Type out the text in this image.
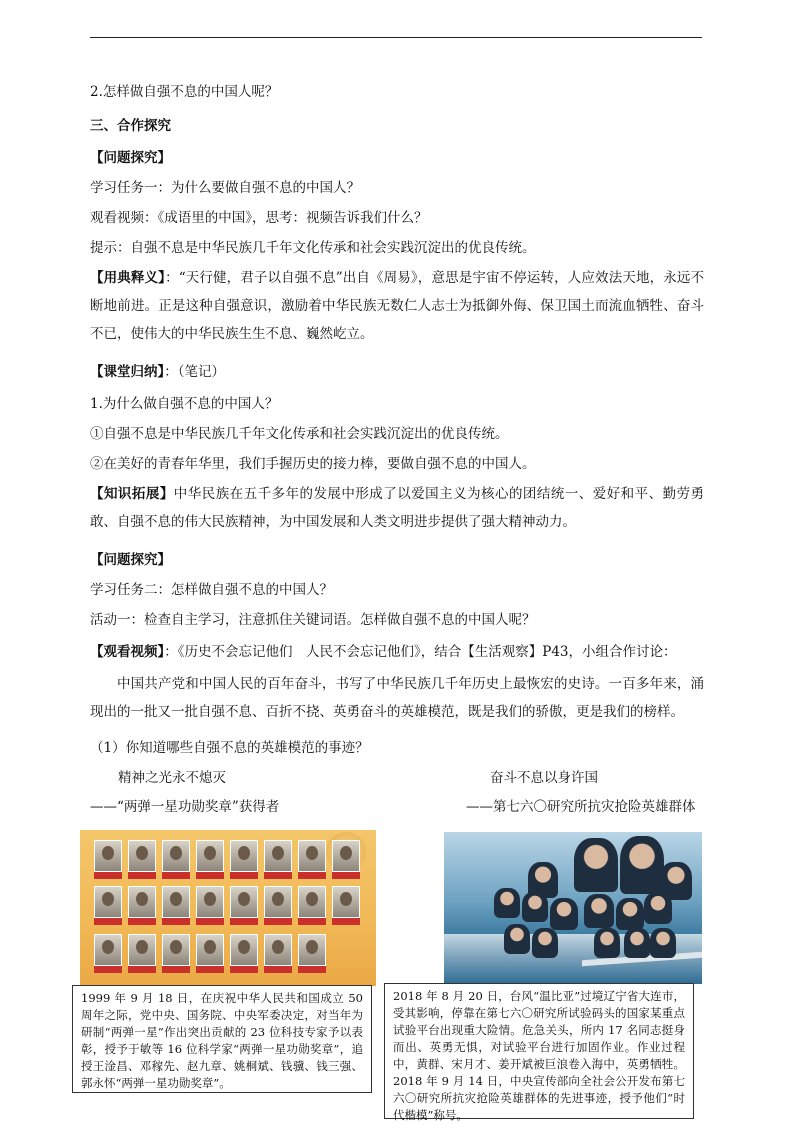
2.怎样做自强不息的中国人呢？
三、合作探究
【问题探究】
学习任务一：为什么要做自强不息的中国人？
观看视频：《成语里的中国》，思考：视频告诉我们什么？
提示：自强不息是中华民族几千年文化传承和社会实践沉淀出的优良传统。
【用典释义】：“天行健，君子以自强不息”出自《周易》，意思是宇宙不停运转，人应效法天地，永远不断地前进。正是这种自强意识，激励着中华民族无数仁人志士为抵御外侮、保卫国土而流血牺牲、奋斗不已，使伟大的中华民族生生不息、巍然屹立。
【课堂归纳】：（笔记）
1.为什么做自强不息的中国人？
①自强不息是中华民族几千年文化传承和社会实践沉淀出的优良传统。
②在美好的青春年华里，我们手握历史的接力棒，要做自强不息的中国人。
【知识拓展】中华民族在五千多年的发展中形成了以爱国主义为核心的团结统一、爱好和平、勤劳勇敢、自强不息的伟大民族精神，为中国发展和人类文明进步提供了强大精神动力。
【问题探究】
学习任务二：怎样做自强不息的中国人？
活动一：检查自主学习，注意抓住关键词语。怎样做自强不息的中国人呢？
【观看视频】：《历史不会忘记他们　人民不会忘记他们》，结合【生活观察】P43，小组合作讨论：
中国共产党和中国人民的百年奋斗，书写了中华民族几千年历史上最恢宏的史诗。一百多年来，涌现出的一批又一批自强不息、百折不挠、英勇奋斗的英雄模范，既是我们的骄傲，更是我们的榜样。
（1）你知道哪些自强不息的英雄模范的事迹？
精神之光永不熄灭	奋斗不息以身许国
——“两弹一星功勋奖章”获得者	——第七六〇研究所抗灾抢险英雄群体
1999 年 9 月 18 日，在庆祝中华人民共和国成立 50 周年之际，党中央、国务院、中央军委决定，对当年为研制“两弹一星”作出突出贡献的 23 位科技专家予以表彰，授予于敏等 16 位科学家“两弹一星功勋奖章”，追授王淦昌、邓稼先、赵九章、姚桐斌、钱骥、钱三强、郭永怀“两弹一星功勋奖章”。
2018 年 8 月 20 日，台风“温比亚”过境辽宁省大连市，受其影响，停靠在第七六〇研究所试验码头的国家某重点试验平台出现重大险情。危急关头，所内 17 名同志挺身而出、英勇无惧，对试验平台进行加固作业。作业过程中，黄群、宋月才、姜开斌被巨浪卷入海中，英勇牺牲。2018 年 9 月 14 日，中央宣传部向全社会公开发布第七六〇研究所抗灾抢险英雄群体的先进事迹，授予他们“时代楷模”称号。
